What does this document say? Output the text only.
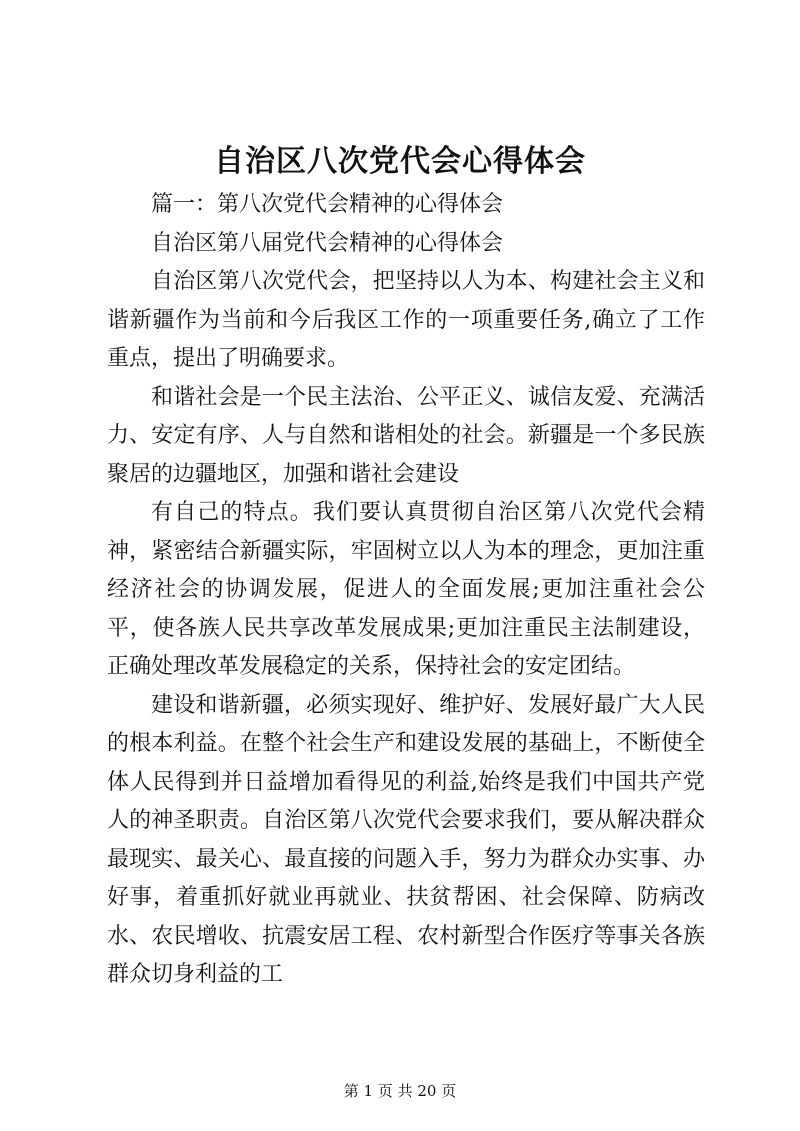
自治区八次党代会心得体会

篇一：第八次党代会精神的心得体会

自治区第八届党代会精神的心得体会

自治区第八次党代会，把坚持以人为本、构建社会主义和谐新疆作为当前和今后我区工作的一项重要任务,确立了工作重点，提出了明确要求。

和谐社会是一个民主法治、公平正义、诚信友爱、充满活力、安定有序、人与自然和谐相处的社会。新疆是一个多民族聚居的边疆地区，加强和谐社会建设

有自己的特点。我们要认真贯彻自治区第八次党代会精神，紧密结合新疆实际，牢固树立以人为本的理念，更加注重经济社会的协调发展，促进人的全面发展;更加注重社会公平，使各族人民共享改革发展成果;更加注重民主法制建设，正确处理改革发展稳定的关系，保持社会的安定团结。

建设和谐新疆，必须实现好、维护好、发展好最广大人民的根本利益。在整个社会生产和建设发展的基础上，不断使全体人民得到并日益增加看得见的利益,始终是我们中国共产党人的神圣职责。自治区第八次党代会要求我们，要从解决群众最现实、最关心、最直接的问题入手，努力为群众办实事、办好事，着重抓好就业再就业、扶贫帮困、社会保障、防病改水、农民增收、抗震安居工程、农村新型合作医疗等事关各族群众切身利益的工

第 1 页 共 20 页
